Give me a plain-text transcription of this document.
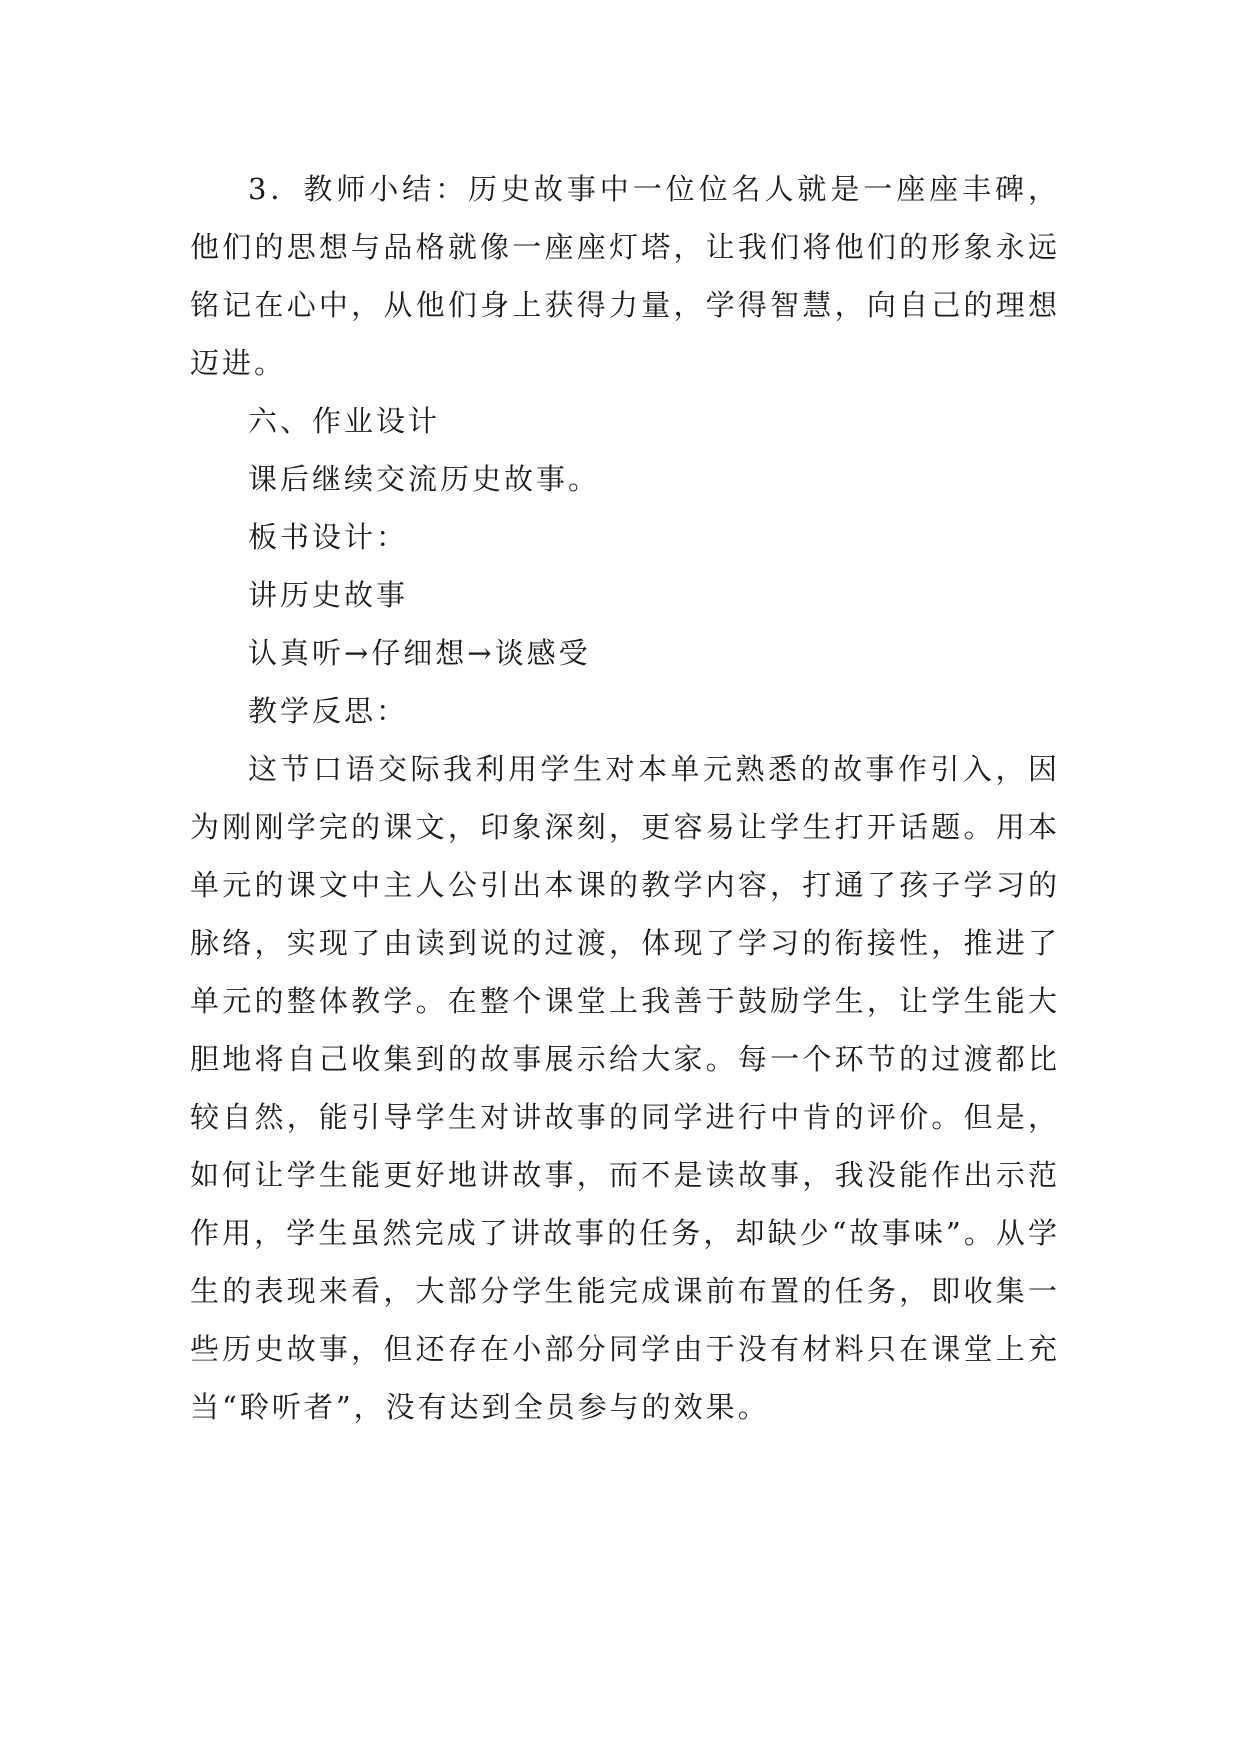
3．教师小结：历史故事中一位位名人就是一座座丰碑，他们的思想与品格就像一座座灯塔，让我们将他们的形象永远铭记在心中，从他们身上获得力量，学得智慧，向自己的理想迈进。

六、作业设计

课后继续交流历史故事。

板书设计：

讲历史故事

认真听→仔细想→谈感受

教学反思：

这节口语交际我利用学生对本单元熟悉的故事作引入，因为刚刚学完的课文，印象深刻，更容易让学生打开话题。用本单元的课文中主人公引出本课的教学内容，打通了孩子学习的脉络，实现了由读到说的过渡，体现了学习的衔接性，推进了单元的整体教学。在整个课堂上我善于鼓励学生，让学生能大胆地将自己收集到的故事展示给大家。每一个环节的过渡都比较自然，能引导学生对讲故事的同学进行中肯的评价。但是，如何让学生能更好地讲故事，而不是读故事，我没能作出示范作用，学生虽然完成了讲故事的任务，却缺少“故事味”。从学生的表现来看，大部分学生能完成课前布置的任务，即收集一些历史故事，但还存在小部分同学由于没有材料只在课堂上充当“聆听者”，没有达到全员参与的效果。
